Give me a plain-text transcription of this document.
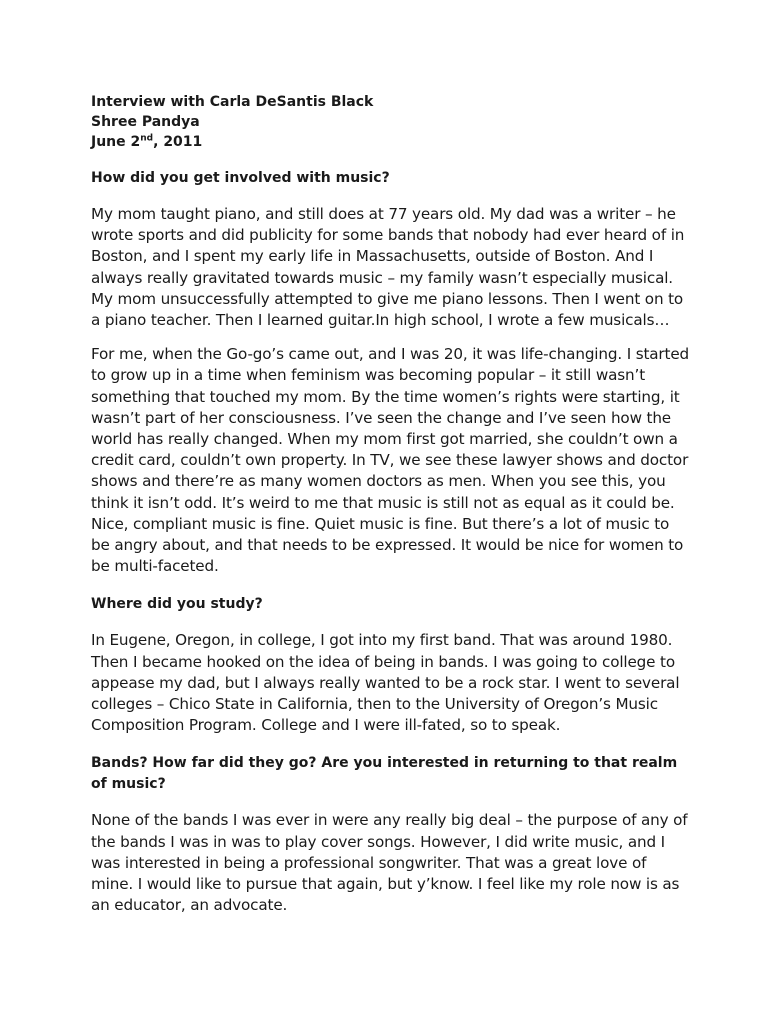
Interview with Carla DeSantis Black

Shree Pandya

June 2nd, 2011

How did you get involved with music?

My mom taught piano, and still does at 77 years old. My dad was a writer – he wrote sports and did publicity for some bands that nobody had ever heard of in Boston, and I spent my early life in Massachusetts, outside of Boston. And I always really gravitated towards music – my family wasn’t especially musical. My mom unsuccessfully attempted to give me piano lessons. Then I went on to a piano teacher. Then I learned guitar.In high school, I wrote a few musicals…

For me, when the Go-go’s came out, and I was 20, it was life-changing. I started to grow up in a time when feminism was becoming popular – it still wasn’t something that touched my mom. By the time women’s rights were starting, it wasn’t part of her consciousness. I’ve seen the change and I’ve seen how the world has really changed. When my mom first got married, she couldn’t own a credit card, couldn’t own property. In TV, we see these lawyer shows and doctor shows and there’re as many women doctors as men. When you see this, you think it isn’t odd. It’s weird to me that music is still not as equal as it could be. Nice, compliant music is fine. Quiet music is fine. But there’s a lot of music to be angry about, and that needs to be expressed. It would be nice for women to be multi-faceted.

Where did you study?

In Eugene, Oregon, in college, I got into my first band. That was around 1980. Then I became hooked on the idea of being in bands. I was going to college to appease my dad, but I always really wanted to be a rock star. I went to several colleges – Chico State in California, then to the University of Oregon’s Music Composition Program. College and I were ill-fated, so to speak.

Bands? How far did they go? Are you interested in returning to that realm of music?

None of the bands I was ever in were any really big deal – the purpose of any of the bands I was in was to play cover songs. However, I did write music, and I was interested in being a professional songwriter. That was a great love of mine. I would like to pursue that again, but y’know. I feel like my role now is as an educator, an advocate.
